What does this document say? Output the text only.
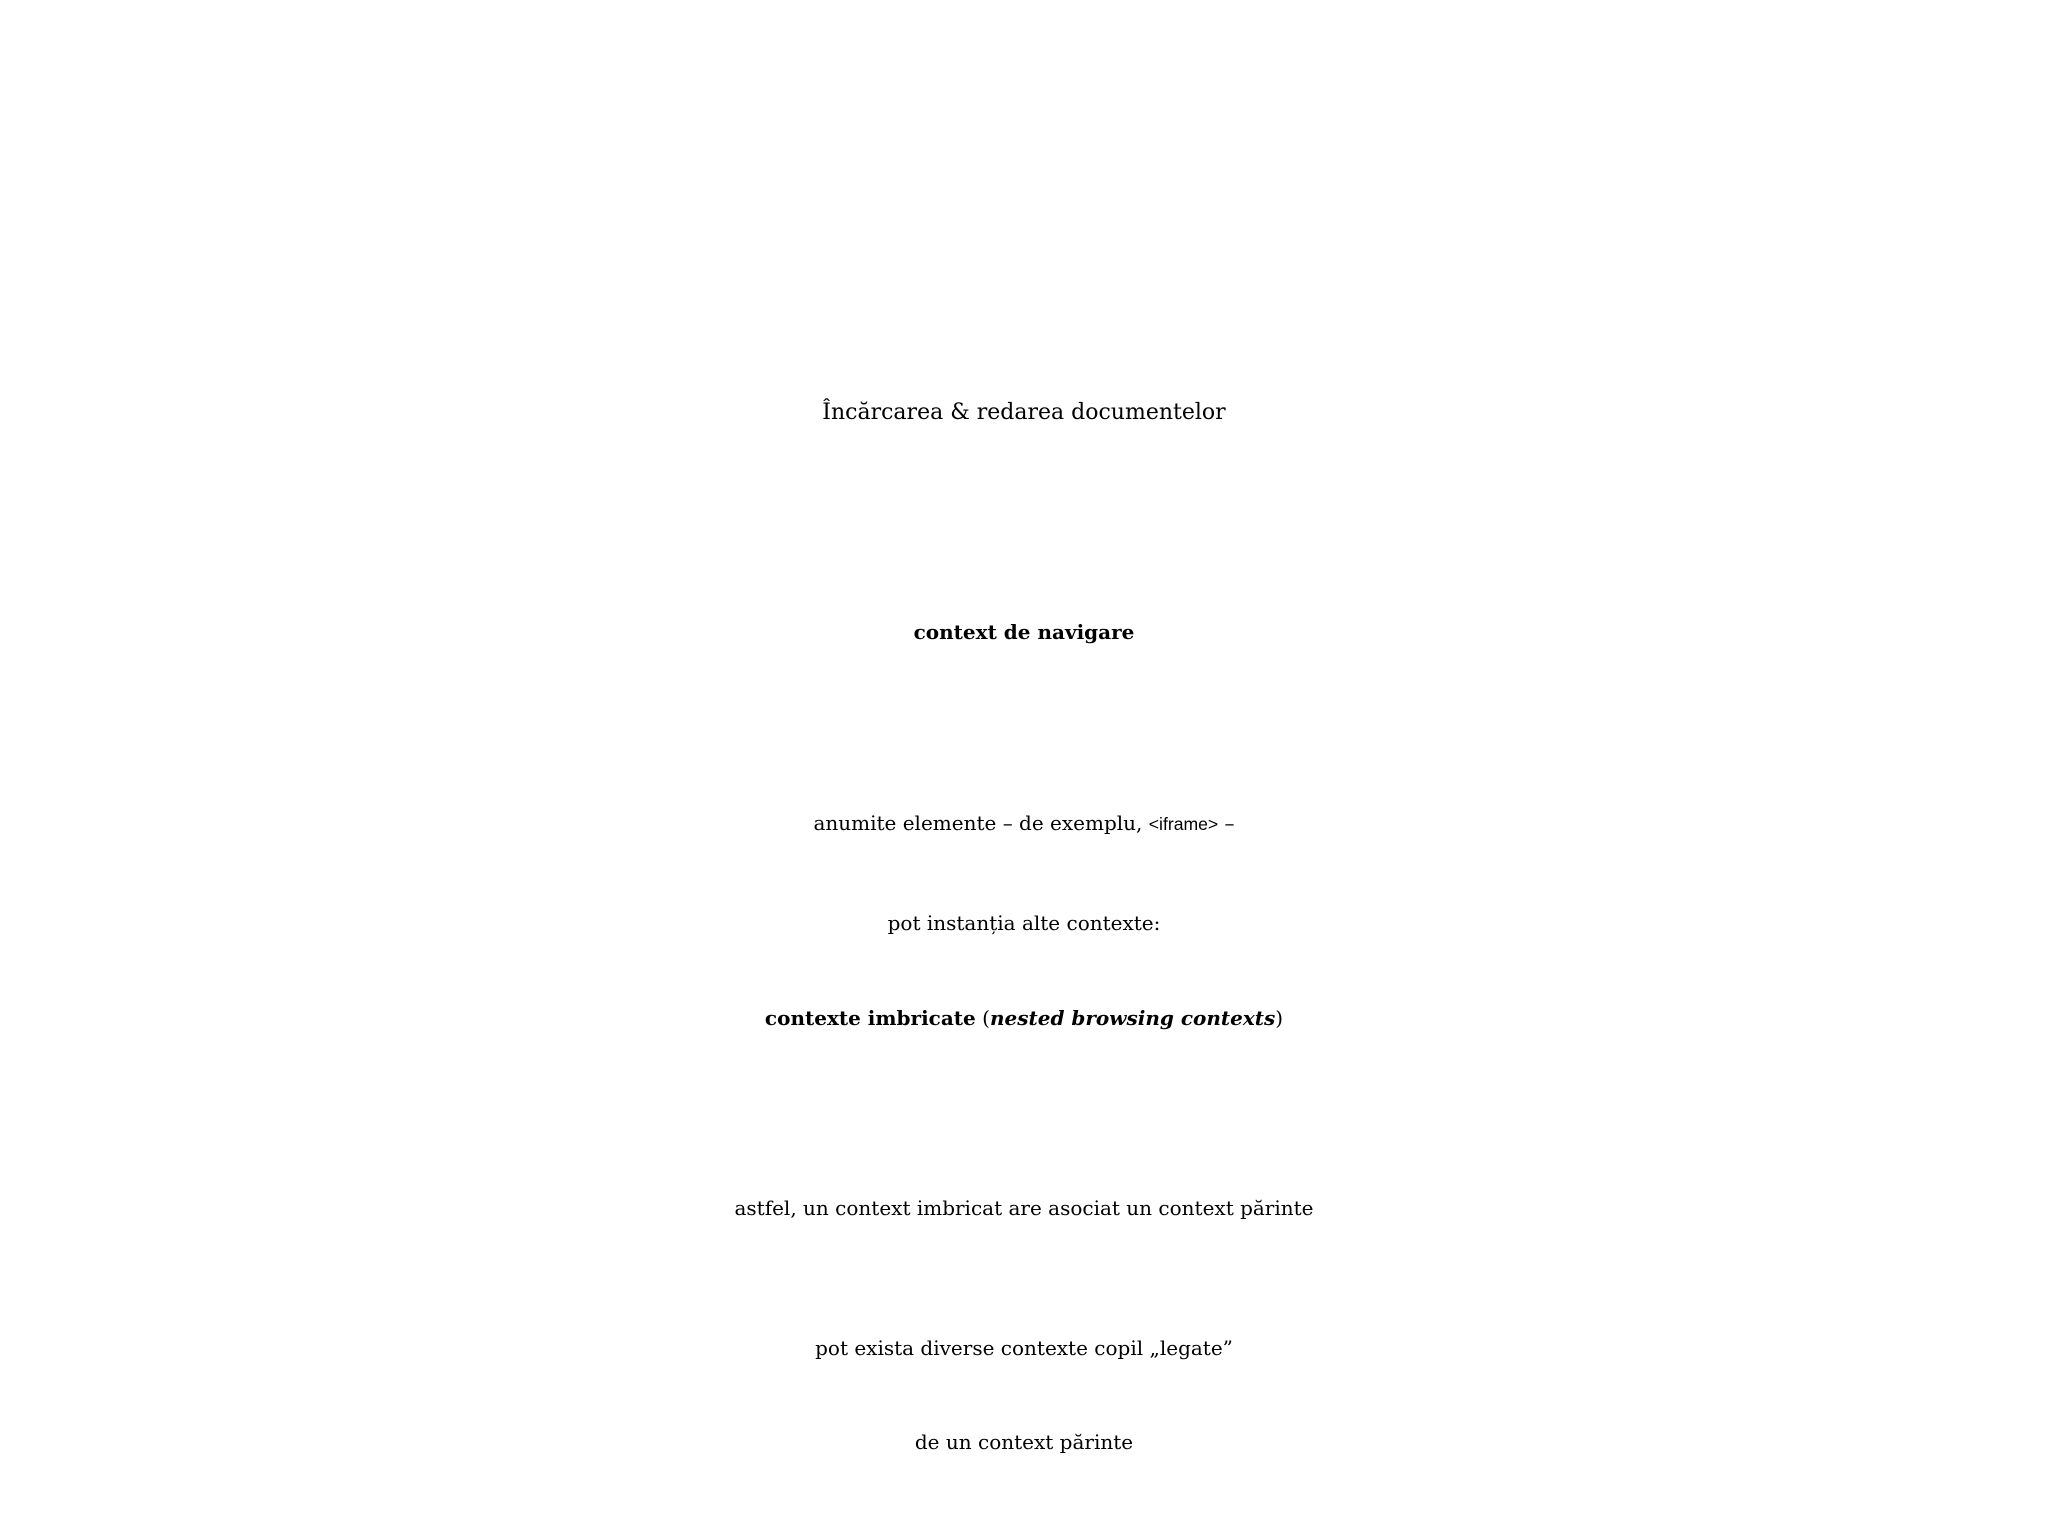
Încărcarea & redarea documentelor
context de navigare
anumite elemente – de exemplu, <iframe> –
pot instanția alte contexte:
contexte imbricate (nested browsing contexts)
astfel, un context imbricat are asociat un context părinte
pot exista diverse contexte copil „legate”
de un context părinte
